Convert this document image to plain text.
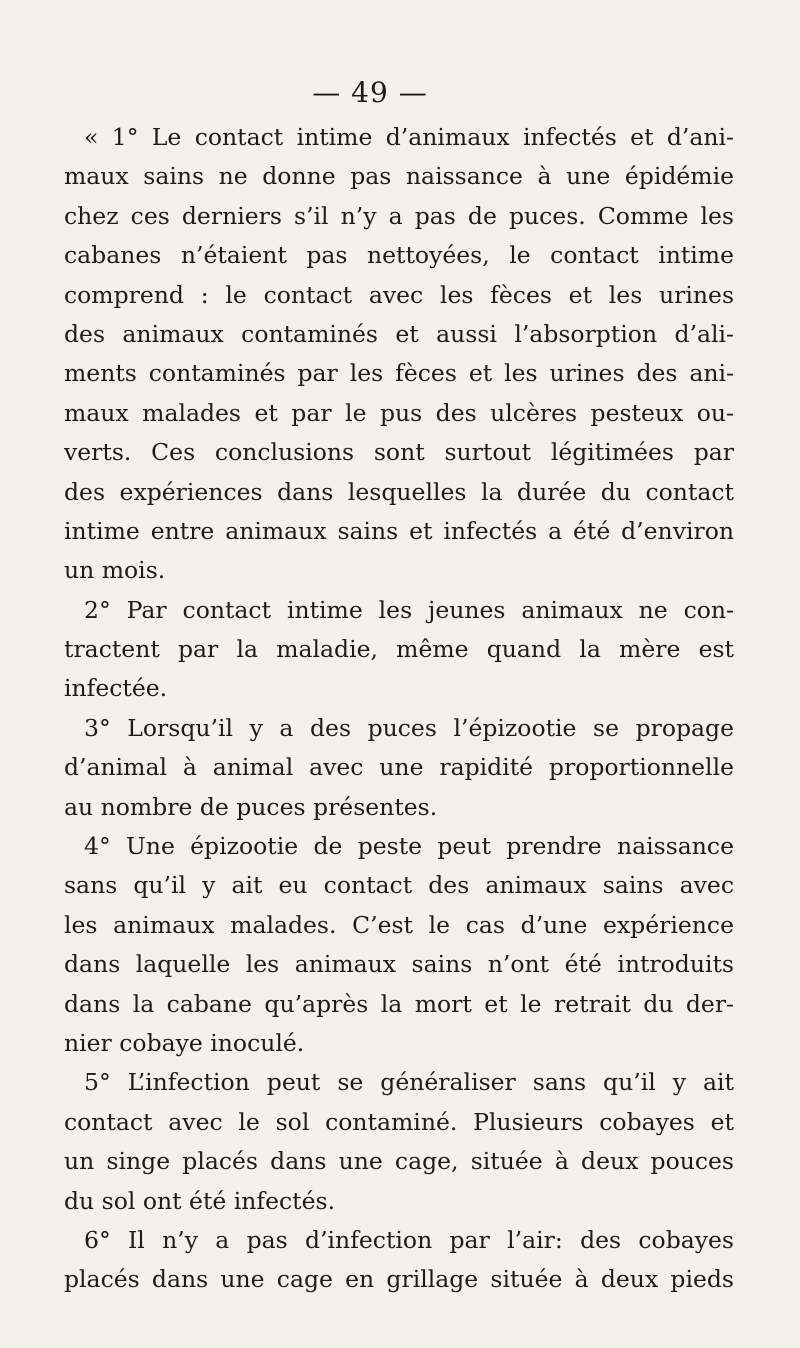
— 49 —
« 1° Le contact intime d’animaux infectés et d’ani-
maux sains ne donne pas naissance à une épidémie
chez ces derniers s’il n’y a pas de puces. Comme les
cabanes n’étaient pas nettoyées, le contact intime
comprend : le contact avec les fèces et les urines
des animaux contaminés et aussi l’absorption d’ali-
ments contaminés par les fèces et les urines des ani-
maux malades et par le pus des ulcères pesteux ou-
verts. Ces conclusions sont surtout légitimées par
des expériences dans lesquelles la durée du contact
intime entre animaux sains et infectés a été d’environ
un mois.
2° Par contact intime les jeunes animaux ne con-
tractent par la maladie, même quand la mère est
infectée.
3° Lorsqu’il y a des puces l’épizootie se propage
d’animal à animal avec une rapidité proportionnelle
au nombre de puces présentes.
4° Une épizootie de peste peut prendre naissance
sans qu’il y ait eu contact des animaux sains avec
les animaux malades. C’est le cas d’une expérience
dans laquelle les animaux sains n’ont été introduits
dans la cabane qu’après la mort et le retrait du der-
nier cobaye inoculé.
5° L’infection peut se généraliser sans qu’il y ait
contact avec le sol contaminé. Plusieurs cobayes et
un singe placés dans une cage, située à deux pouces
du sol ont été infectés.
6° Il n’y a pas d’infection par l’air: des cobayes
placés dans une cage en grillage située à deux pieds
